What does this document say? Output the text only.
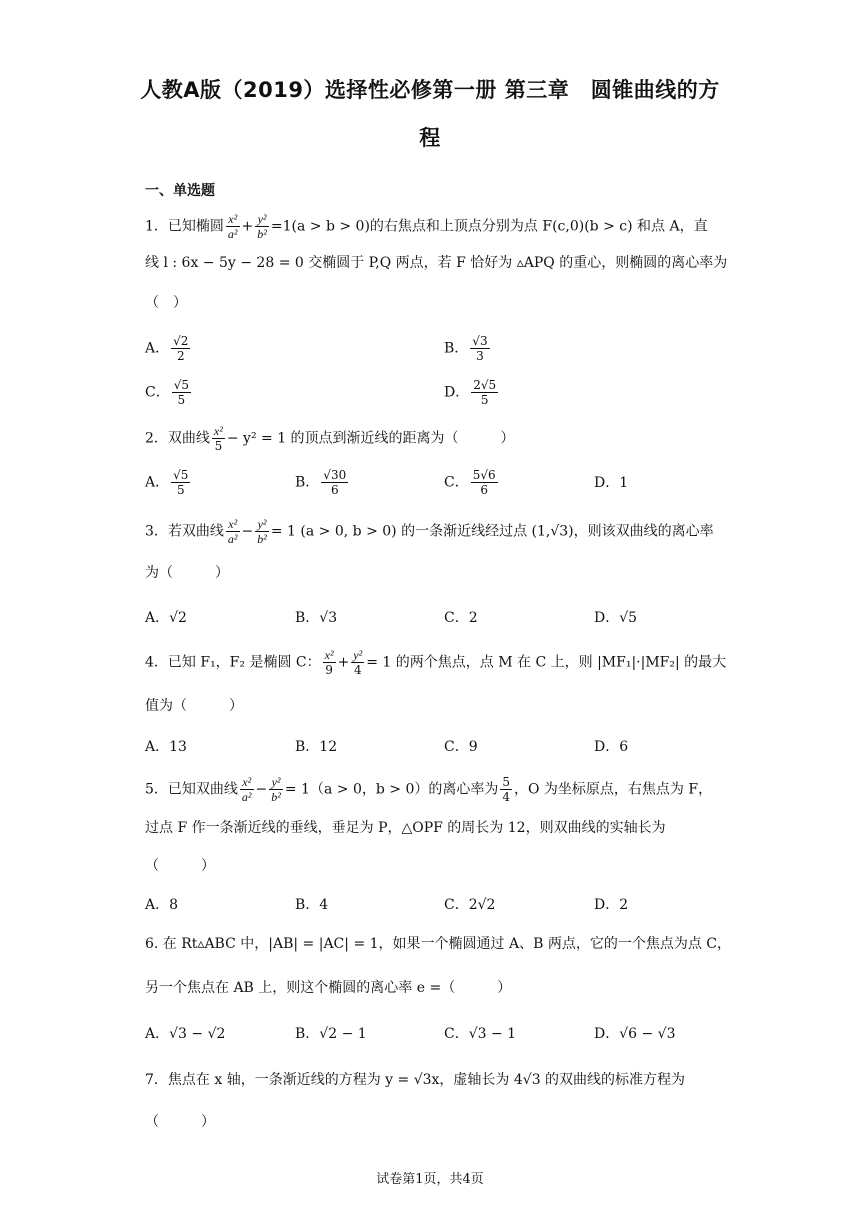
人教A版（2019）选择性必修第一册 第三章　圆锥曲线的方
程
一、单选题
1．已知椭圆 $\frac{\text{x²}}{\text{a²}} + \frac{\text{y²}}{\text{b²}} =1(a > b > 0)$的右焦点和上顶点分别为点 F(c,0)(b > c) 和点 A，直
线 l : 6x − 5y − 28 = 0 交椭圆于 P,Q 两点，若 F 恰好为 ▵APQ 的重心，则椭圆的离心率为
（　）
A． $\frac{√2}{2}$	B． $\frac{√3}{3}$
C． $\frac{√5}{5}$	D． $\frac{2√5}{5}$
2．双曲线 $\frac{\text{x²}}{5} - y^2 = 1$ 的顶点到渐近线的距离为（　　　）
A． $\frac{√5}{5}$	B． $\frac{√30}{6}$	C． $\frac{5√6}{6}$	D．1
3．若双曲线 $\frac{\text{x²}}{\text{a²}} - \frac{\text{y²}}{\text{b²}} = 1$ (a > 0, b > 0) 的一条渐近线经过点 (1,√3)，则该双曲线的离心率
为（　　　）
A．√2	B．√3	C．2	D．√5
4．已知 F₁，F₂ 是椭圆 C： $\frac{\text{x²}}{9} + \frac{\text{y²}}{4} = 1$ 的两个焦点，点 M 在 C 上，则 |MF₁|·|MF₂| 的最大
值为（　　　）
A．13	B．12	C．9	D．6
5．已知双曲线 $\frac{\text{x²}}{\text{a²}} - \frac{\text{y²}}{\text{b²}} = 1(a > 0$，b > 0）的离心率为 $\frac{5}{4}$ ，O 为坐标原点，右焦点为 F，
过点 F 作一条渐近线的垂线，垂足为 P，△OPF 的周长为 12，则双曲线的实轴长为
（　　　）
A．8	B．4	C．2√2	D．2
6. 在 Rt▵ABC 中，|AB| = |AC| = 1，如果一个椭圆通过 A、B 两点，它的一个焦点为点 C，
另一个焦点在 AB 上，则这个椭圆的离心率 e =（　　　）
A．√3 − √2	B．√2 − 1	C．√3 − 1	D．√6 − √3
7．焦点在 x 轴，一条渐近线的方程为 y = √3x，虚轴长为 4√3 的双曲线的标准方程为
（　　　）
试卷第1页，共4页
